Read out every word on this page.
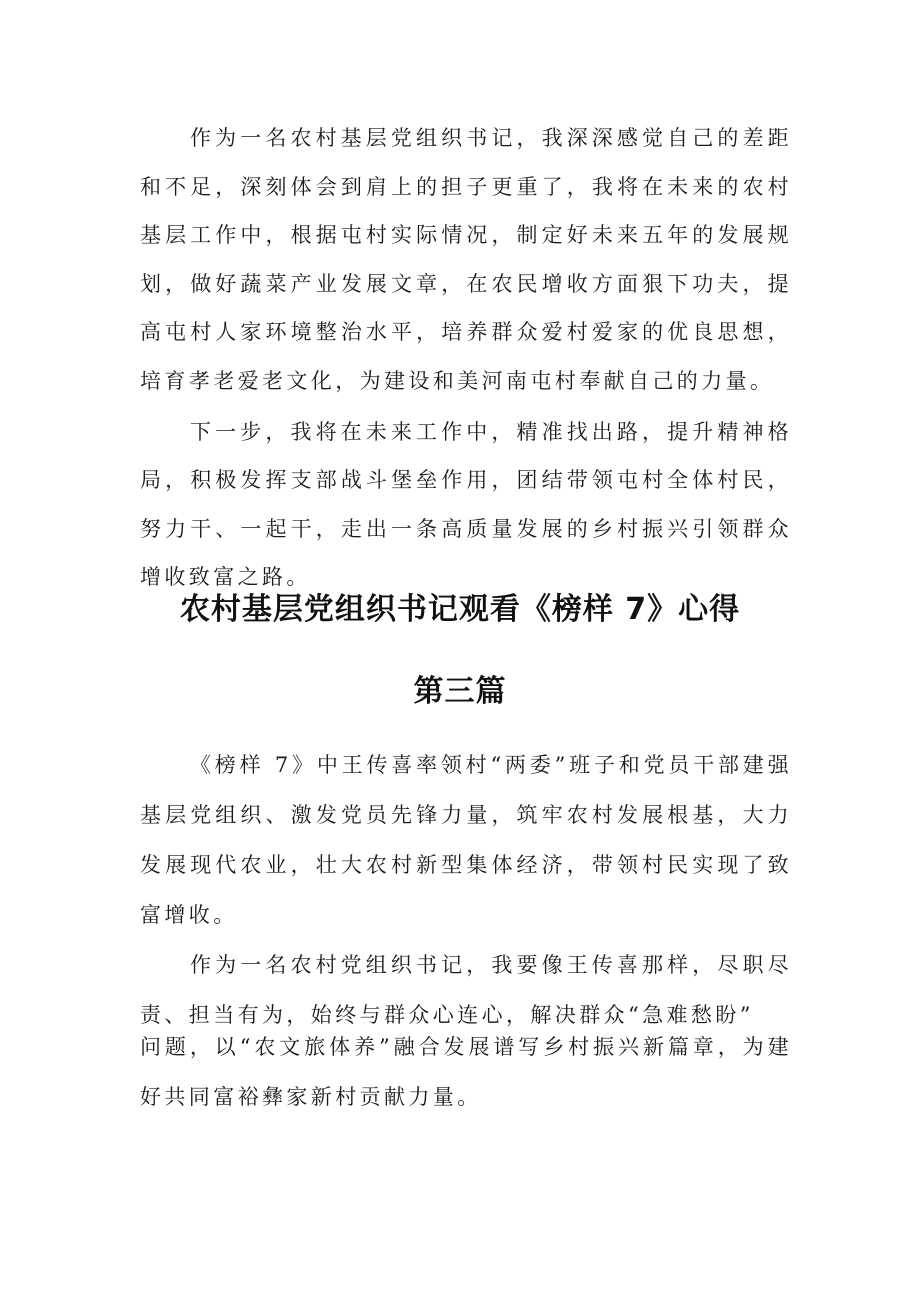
作为一名农村基层党组织书记，我深深感觉自己的差距和不足，深刻体会到肩上的担子更重了，我将在未来的农村基层工作中，根据屯村实际情况，制定好未来五年的发展规划，做好蔬菜产业发展文章，在农民增收方面狠下功夫，提高屯村人家环境整治水平，培养群众爱村爱家的优良思想，培育孝老爱老文化，为建设和美河南屯村奉献自己的力量。

下一步，我将在未来工作中，精准找出路，提升精神格局，积极发挥支部战斗堡垒作用，团结带领屯村全体村民，努力干、一起干，走出一条高质量发展的乡村振兴引领群众增收致富之路。

农村基层党组织书记观看《榜样 7》心得
第三篇

《榜样 7》中王传喜率领村“两委”班子和党员干部建强基层党组织、激发党员先锋力量，筑牢农村发展根基，大力发展现代农业，壮大农村新型集体经济，带领村民实现了致富增收。

作为一名农村党组织书记，我要像王传喜那样，尽职尽责、担当有为，始终与群众心连心，解决群众“急难愁盼”

问题，以“农文旅体养”融合发展谱写乡村振兴新篇章，为建好共同富裕彝家新村贡献力量。
